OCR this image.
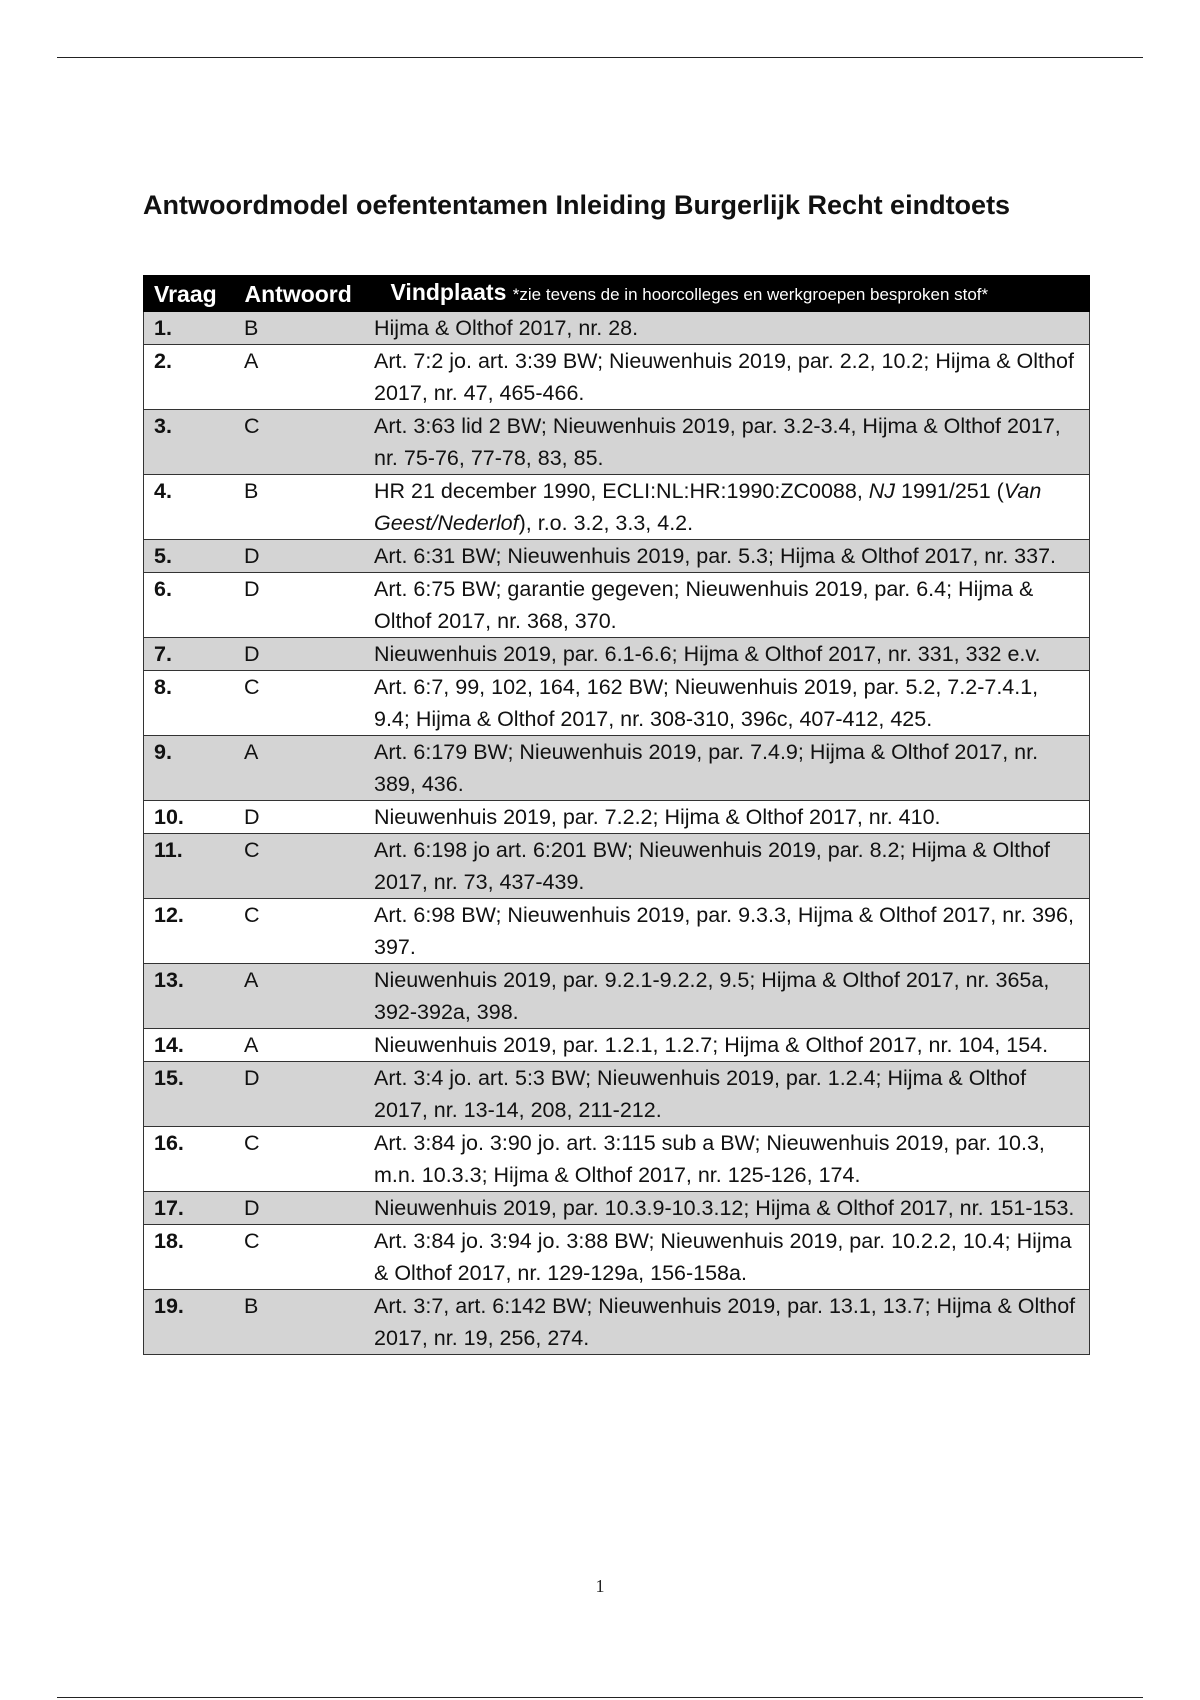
Antwoordmodel oefententamen Inleiding Burgerlijk Recht eindtoets
Vraag	Antwoord	Vindplaats *zie tevens de in hoorcolleges en werkgroepen besproken stof*
1.	B	Hijma & Olthof 2017, nr. 28.
2.	A	Art. 7:2 jo. art. 3:39 BW; Nieuwenhuis 2019, par. 2.2, 10.2; Hijma & Olthof 2017, nr. 47, 465-466.
3.	C	Art. 3:63 lid 2 BW; Nieuwenhuis 2019, par. 3.2-3.4, Hijma & Olthof 2017, nr. 75-76, 77-78, 83, 85.
4.	B	HR 21 december 1990, ECLI:NL:HR:1990:ZC0088, NJ 1991/251 (Van Geest/Nederlof), r.o. 3.2, 3.3, 4.2.
5.	D	Art. 6:31 BW; Nieuwenhuis 2019, par. 5.3; Hijma & Olthof 2017, nr. 337.
6.	D	Art. 6:75 BW; garantie gegeven; Nieuwenhuis 2019, par. 6.4; Hijma & Olthof 2017, nr. 368, 370.
7.	D	Nieuwenhuis 2019, par. 6.1-6.6; Hijma & Olthof 2017, nr. 331, 332 e.v.
8.	C	Art. 6:7, 99, 102, 164, 162 BW; Nieuwenhuis 2019, par. 5.2, 7.2-7.4.1, 9.4; Hijma & Olthof 2017, nr. 308-310, 396c, 407-412, 425.
9.	A	Art. 6:179 BW; Nieuwenhuis 2019, par. 7.4.9; Hijma & Olthof 2017, nr. 389, 436.
10.	D	Nieuwenhuis 2019, par. 7.2.2; Hijma & Olthof 2017, nr. 410.
11.	C	Art. 6:198 jo art. 6:201 BW; Nieuwenhuis 2019, par. 8.2; Hijma & Olthof 2017, nr. 73, 437-439.
12.	C	Art. 6:98 BW; Nieuwenhuis 2019, par. 9.3.3, Hijma & Olthof 2017, nr. 396, 397.
13.	A	Nieuwenhuis 2019, par. 9.2.1-9.2.2, 9.5; Hijma & Olthof 2017, nr. 365a, 392-392a, 398.
14.	A	Nieuwenhuis 2019, par. 1.2.1, 1.2.7; Hijma & Olthof 2017, nr. 104, 154.
15.	D	Art. 3:4 jo. art. 5:3 BW; Nieuwenhuis 2019, par. 1.2.4; Hijma & Olthof 2017, nr. 13-14, 208, 211-212.
16.	C	Art. 3:84 jo. 3:90 jo. art. 3:115 sub a BW; Nieuwenhuis 2019, par. 10.3, m.n. 10.3.3; Hijma & Olthof 2017, nr. 125-126, 174.
17.	D	Nieuwenhuis 2019, par. 10.3.9-10.3.12; Hijma & Olthof 2017, nr. 151-153.
18.	C	Art. 3:84 jo. 3:94 jo. 3:88 BW; Nieuwenhuis 2019, par. 10.2.2, 10.4; Hijma & Olthof 2017, nr. 129-129a, 156-158a.
19.	B	Art. 3:7, art. 6:142 BW; Nieuwenhuis 2019, par. 13.1, 13.7; Hijma & Olthof 2017, nr. 19, 256, 274.
1
